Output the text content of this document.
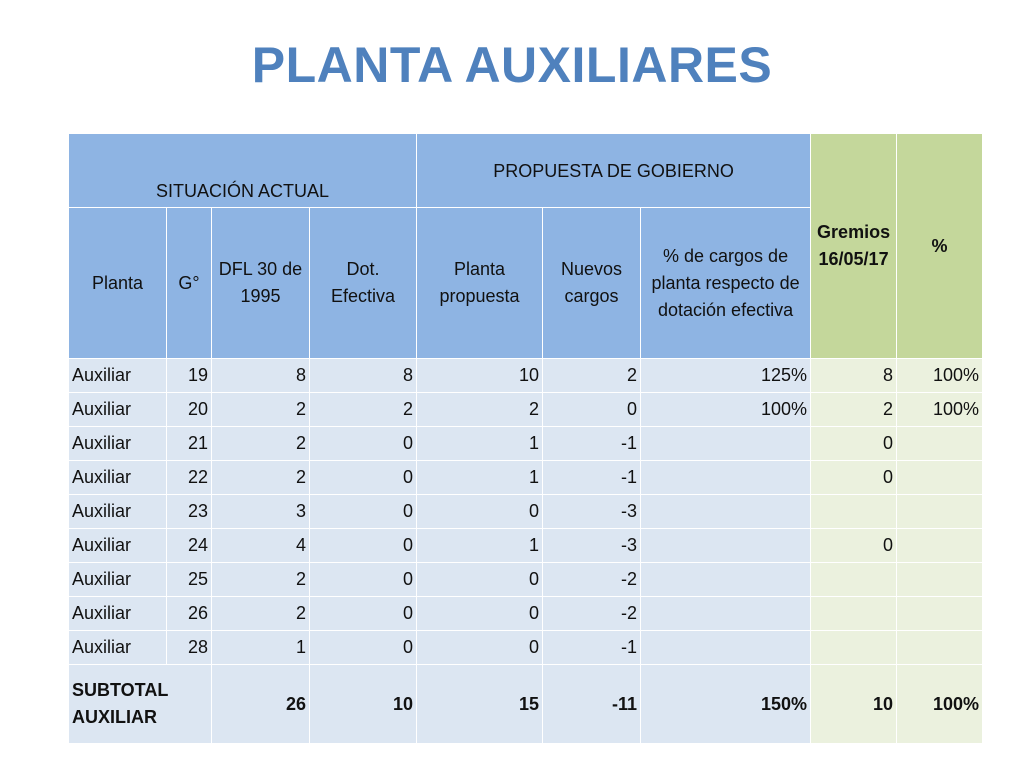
PLANTA AUXILIARES
SITUACIÓN ACTUAL				PROPUESTA DE GOBIERNO			Gremios 16/05/17	%
Planta	G°	DFL 30 de 1995	Dot. Efectiva	Planta propuesta	Nuevos cargos	% de cargos de planta respecto de dotación efectiva		
Auxiliar	19	8	8	10	2	125%	8	100%
Auxiliar	20	2	2	2	0	100%	2	100%
Auxiliar	21	2	0	1	-1		0	
Auxiliar	22	2	0	1	-1		0	
Auxiliar	23	3	0	0	-3			
Auxiliar	24	4	0	1	-3		0	
Auxiliar	25	2	0	0	-2			
Auxiliar	26	2	0	0	-2			
Auxiliar	28	1	0	0	-1			
SUBTOTAL AUXILIAR		26	10	15	-11	150%	10	100%
